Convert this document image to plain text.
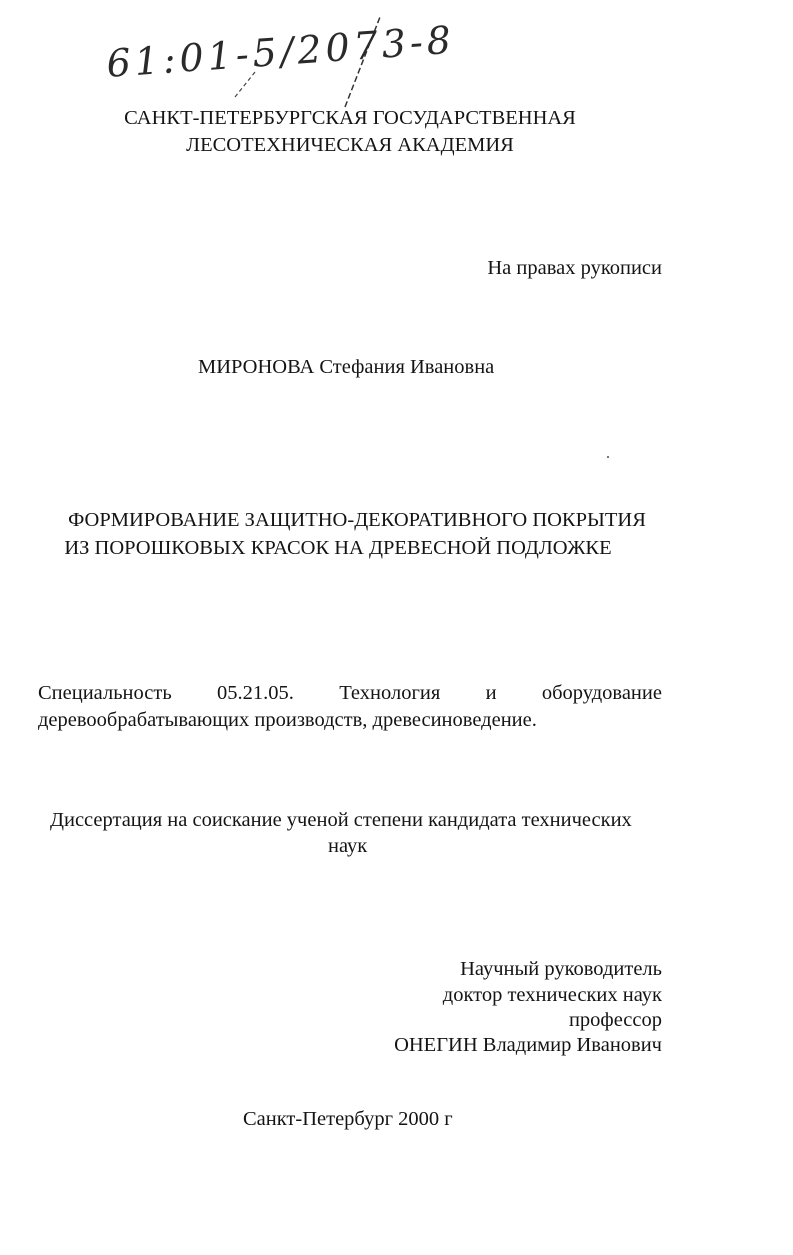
61:01-5/2073-8
САНКТ-ПЕТЕРБУРГСКАЯ ГОСУДАРСТВЕННАЯ
ЛЕСОТЕХНИЧЕСКАЯ АКАДЕМИЯ
На правах рукописи
МИРОНОВА Стефания Ивановна
ФОРМИРОВАНИЕ ЗАЩИТНО-ДЕКОРАТИВНОГО ПОКРЫТИЯ
ИЗ ПОРОШКОВЫХ КРАСОК НА ДРЕВЕСНОЙ ПОДЛОЖКЕ
Специальность 05.21.05. Технология и оборудование
деревообрабатывающих производств, древесиноведение.
Диссертация на соискание ученой степени кандидата технических
наук
Научный руководитель
доктор технических наук
профессор
ОНЕГИН Владимир Иванович
Санкт-Петербург 2000 г
